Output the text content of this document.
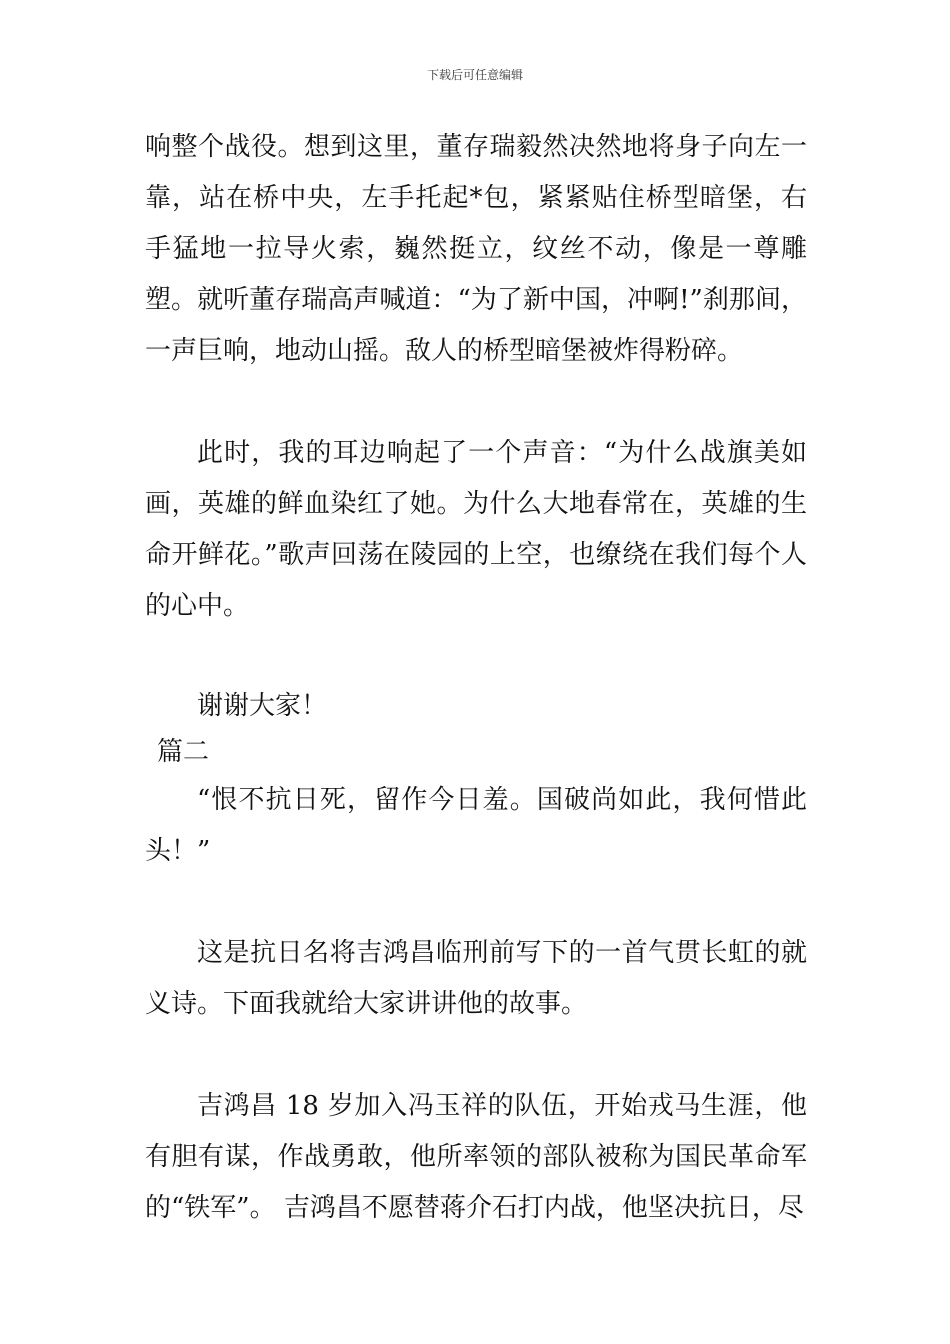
下载后可任意编辑

响整个战役。想到这里，董存瑞毅然决然地将身子向左一靠，站在桥中央，左手托起*包，紧紧贴住桥型暗堡，右手猛地一拉导火索，巍然挺立，纹丝不动，像是一尊雕塑。就听董存瑞高声喊道：“为了新中国，冲啊!”刹那间，一声巨响，地动山摇。敌人的桥型暗堡被炸得粉碎。

此时，我的耳边响起了一个声音：“为什么战旗美如画，英雄的鲜血染红了她。为什么大地春常在，英雄的生命开鲜花。”歌声回荡在陵园的上空，也缭绕在我们每个人的心中。

谢谢大家！

篇二

“恨不抗日死，留作今日羞。国破尚如此，我何惜此头！”

这是抗日名将吉鸿昌临刑前写下的一首气贯长虹的就义诗。下面我就给大家讲讲他的故事。

吉鸿昌 18 岁加入冯玉祥的队伍，开始戎马生涯，他有胆有谋，作战勇敢，他所率领的部队被称为国民革命军的“铁军”。 吉鸿昌不愿替蒋介石打内战，他坚决抗日，尽
